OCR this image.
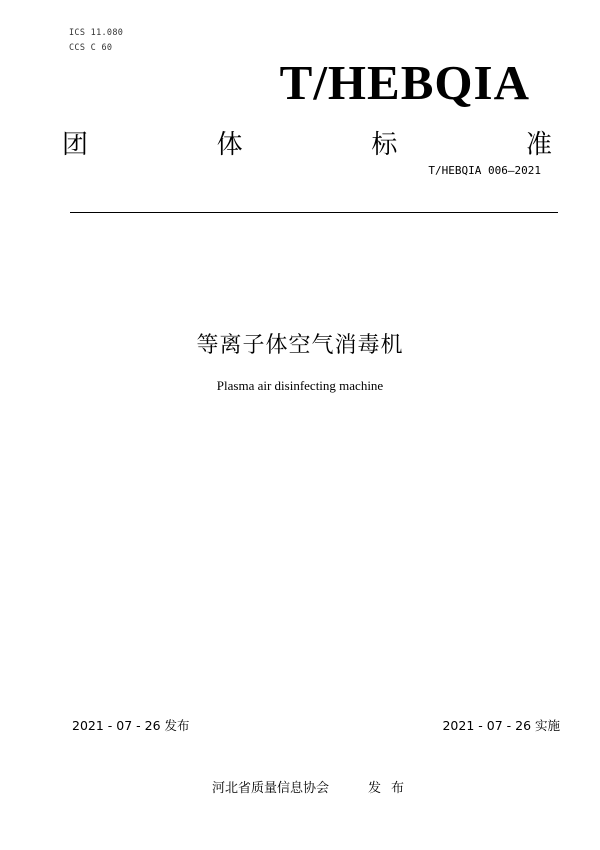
ICS 11.080
CCS C 60
T/HEBQIA
团	体	标	准
T/HEBQIA 006—2021
等离子体空气消毒机
Plasma air disinfecting machine
2021 - 07 - 26 发布	2021 - 07 - 26 实施
河北省质量信息协会	发布
